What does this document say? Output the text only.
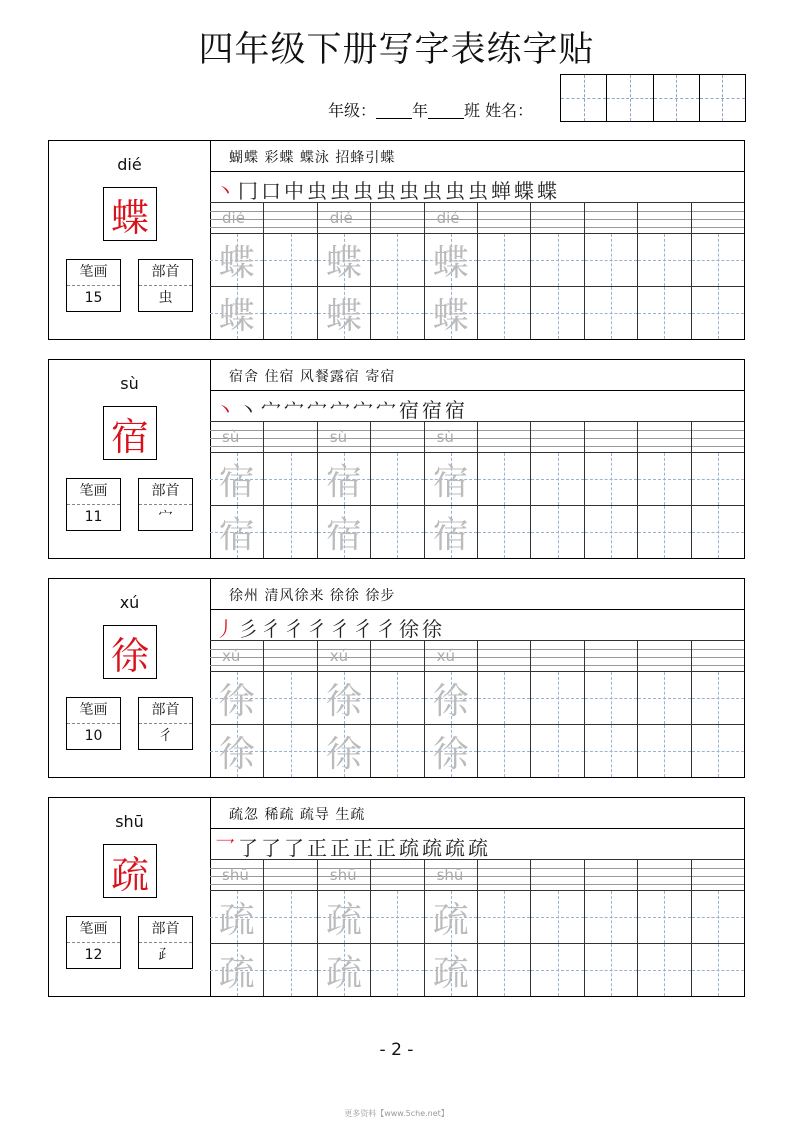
四年级下册写字表练字贴
年级： 年 班 姓名：
dié
蝶
笔画
15
部首
虫
蝴蝶 彩蝶 蝶泳 招蜂引蝶
丶 冂 口 中 虫 虫 虫 虫 虫 虫 虫 虫 蝉 蝶 蝶
dié	dié	dié
蝶 蝶 蝶
蝶 蝶 蝶
sù
宿
笔画
11
部首
宀
宿舍 住宿 风餐露宿 寄宿
丶 丶 宀 宀 宀 宀 宀 宀 宿 宿 宿
sù	sù	sù
宿 宿 宿
宿 宿 宿
xú
徐
笔画
10
部首
彳
徐州 清风徐来 徐徐 徐步
丿 彡 彳 彳 彳 彳 彳 彳 徐 徐
xú	xú	xú
徐 徐 徐
徐 徐 徐
shū
疏
笔画
12
部首
⺪
疏忽 稀疏 疏导 生疏
乛 了 了 了 正 正 正 正 疏 疏 疏 疏
shū	shū	shū
疏 疏 疏
疏 疏 疏
- 2 -
更多资料【www.5che.net】
